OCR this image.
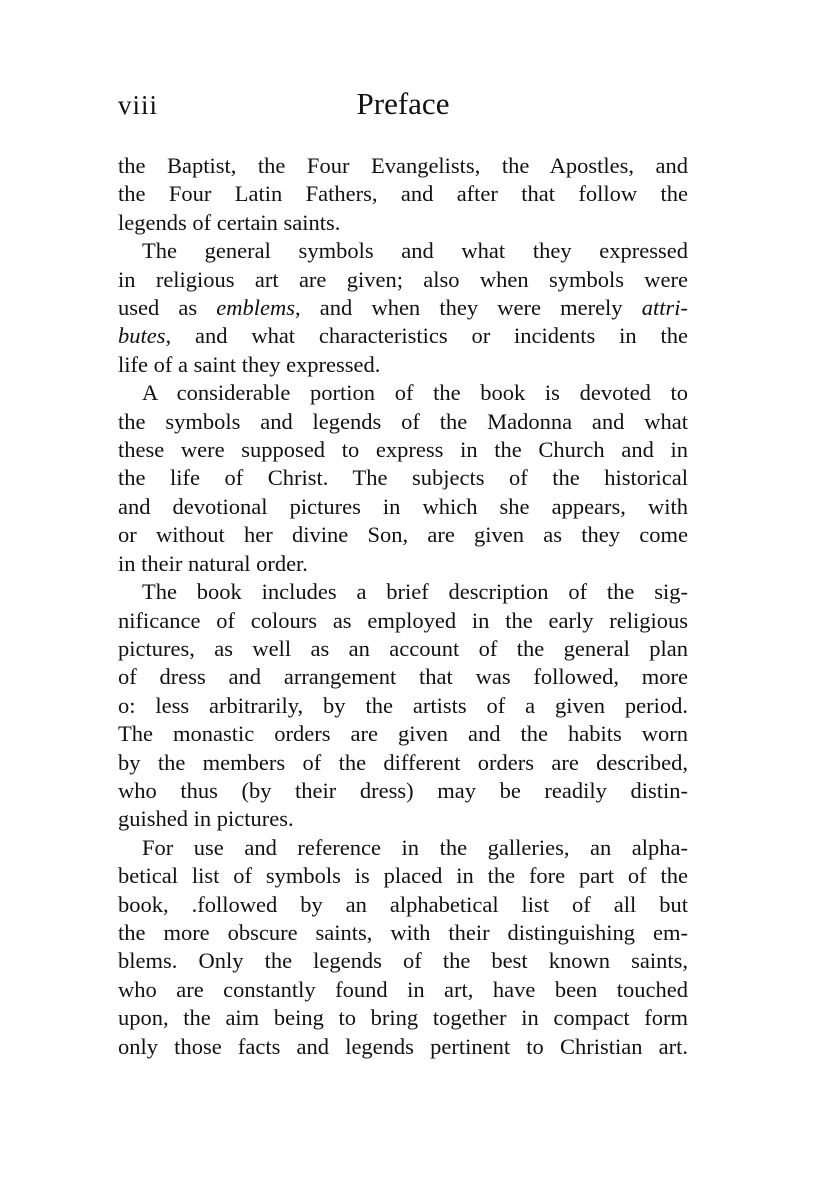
viii	Preface
the Baptist, the Four Evangelists, the Apostles, and
the Four Latin Fathers, and after that follow the
legends of certain saints.
The general symbols and what they expressed
in religious art are given; also when symbols were
used as emblems, and when they were merely attri-
butes, and what characteristics or incidents in the
life of a saint they expressed.
A considerable portion of the book is devoted to
the symbols and legends of the Madonna and what
these were supposed to express in the Church and in
the life of Christ. The subjects of the historical
and devotional pictures in which she appears, with
or without her divine Son, are given as they come
in their natural order.
The book includes a brief description of the sig-
nificance of colours as employed in the early religious
pictures, as well as an account of the general plan
of dress and arrangement that was followed, more
o: less arbitrarily, by the artists of a given period.
The monastic orders are given and the habits worn
by the members of the different orders are described,
who thus (by their dress) may be readily distin-
guished in pictures.
For use and reference in the galleries, an alpha-
betical list of symbols is placed in the fore part of the
book, .followed by an alphabetical list of all but
the more obscure saints, with their distinguishing em-
blems. Only the legends of the best known saints,
who are constantly found in art, have been touched
upon, the aim being to bring together in compact form
only those facts and legends pertinent to Christian art.
